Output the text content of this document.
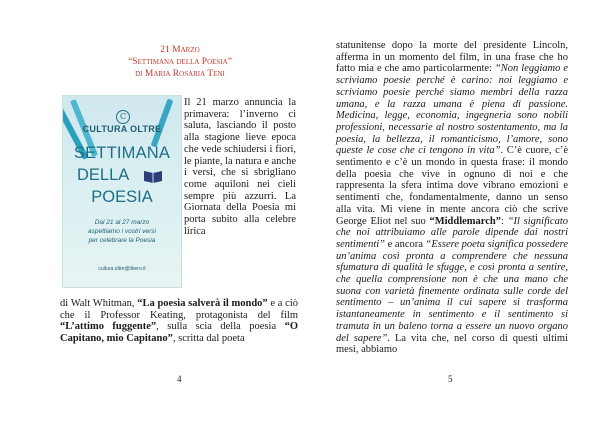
21 Marzo
“Settimana della Poesia”
di Maria Rosaria Teni
C
CULTURA OLTRE
SETTIMANA
DELLA
POESIA
Dal 21 al 27 marzo
aspettiamo i vostri versi
per celebrare la Poesia
cultura.oltre@libero.it

Il 21 marzo annuncia la primavera: l’inverno ci saluta, lasciando il posto alla stagione lieve epoca che vede schiudersi i fiori, le piante, la natura e anche i versi, che si sbrigliano come aquiloni nei cieli sempre più azzurri. La Giornata della Poesia mi porta subito alla celebre lirica

di Walt Whitman, “La poesia salverà il mondo” e a ciò che il Professor Keating, protagonista del film “L’attimo fuggente”, sulla scia della poesia “O Capitano, mio Capitano”, scritta dal poeta

4

statunitense dopo la morte del presidente Lincoln, afferma in un momento del film, in una frase che ho fatto mia e che amo particolarmente: “Non leggiamo e scriviamo poesie perché è carino: noi leggiamo e scriviamo poesie perché siamo membri della razza umana, e la razza umana è piena di passione. Medicina, legge, economia, ingegneria sono nobili professioni, necessarie al nostro sostentamento, ma la poesia, la bellezza, il romanticismo, l’amore, sono queste le cose che ci tengono in vita”. C’è cuore, c’è sentimento e c’è un mondo in questa frase: il mondo della poesia che vive in ognuno di noi e che rappresenta la sfera intima dove vibrano emozioni e sentimenti che, fondamentalmente, danno un senso alla vita. Mi viene in mente ancora ciò che scrive George Eliot nel suo “Middlemarch”: “Il significato che noi attribuiamo alle parole dipende dai nostri sentimenti” e ancora “Essere poeta significa possedere un’anima così pronta a comprendere che nessuna sfumatura di qualità le sfugge, e così pronta a sentire, che quella comprensione non è che una mano che suona con varietà finemente ordinata sulle corde del sentimento – un’anima il cui sapere si trasforma istantaneamente in sentimento e il sentimento si tramuta in un baleno torna a essere un nuovo organo del sapere”. La vita che, nel corso di questi ultimi mesi, abbiamo

5
